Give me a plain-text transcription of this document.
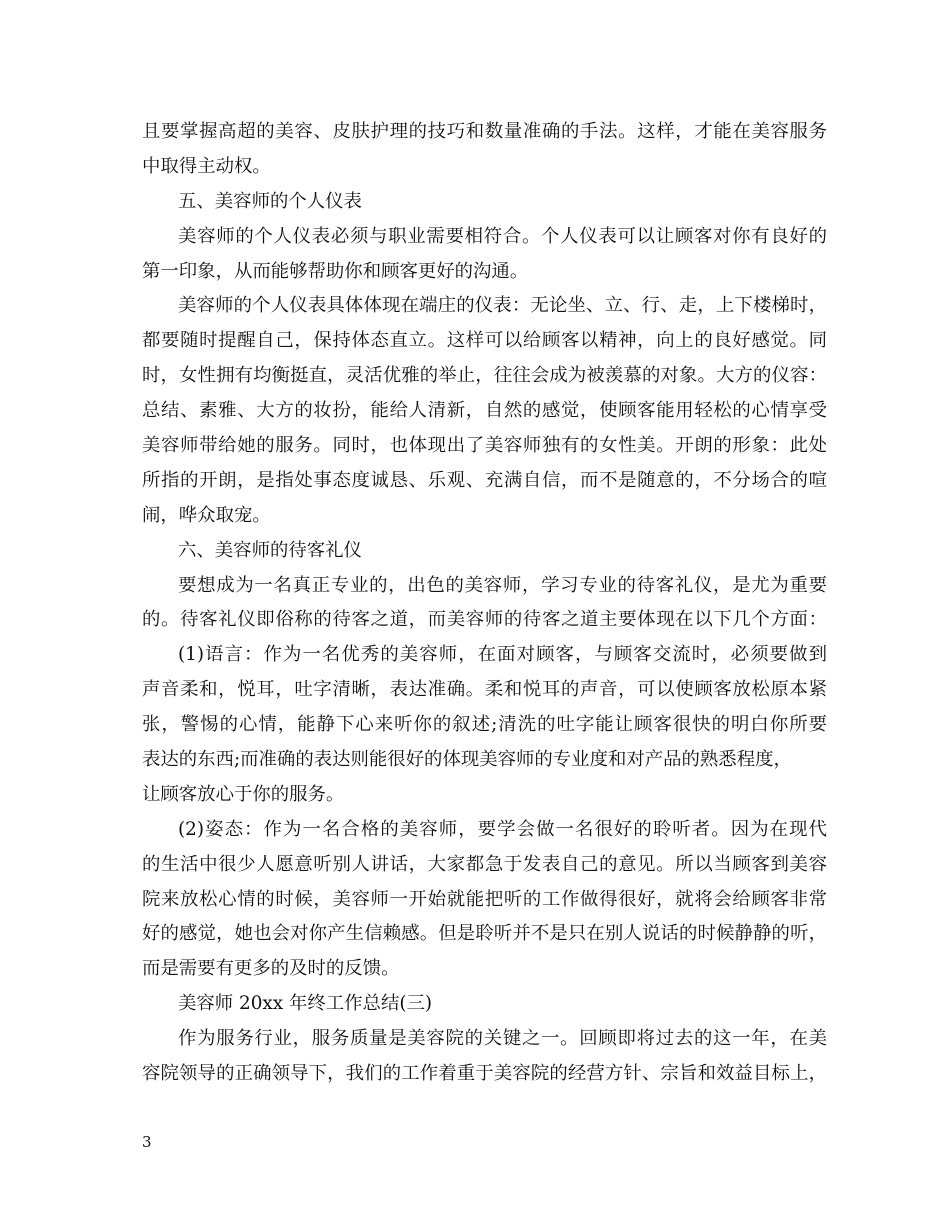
且要掌握高超的美容、皮肤护理的技巧和数量准确的手法。这样，才能在美容服务
中取得主动权。
五、美容师的个人仪表
美容师的个人仪表必须与职业需要相符合。个人仪表可以让顾客对你有良好的
第一印象，从而能够帮助你和顾客更好的沟通。
美容师的个人仪表具体体现在端庄的仪表：无论坐、立、行、走，上下楼梯时，
都要随时提醒自己，保持体态直立。这样可以给顾客以精神，向上的良好感觉。同
时，女性拥有均衡挺直，灵活优雅的举止，往往会成为被羡慕的对象。大方的仪容：
总结、素雅、大方的妆扮，能给人清新，自然的感觉，使顾客能用轻松的心情享受
美容师带给她的服务。同时，也体现出了美容师独有的女性美。开朗的形象：此处
所指的开朗，是指处事态度诚恳、乐观、充满自信，而不是随意的，不分场合的喧
闹，哗众取宠。
六、美容师的待客礼仪
要想成为一名真正专业的，出色的美容师，学习专业的待客礼仪，是尤为重要
的。待客礼仪即俗称的待客之道，而美容师的待客之道主要体现在以下几个方面：
(1)语言：作为一名优秀的美容师，在面对顾客，与顾客交流时，必须要做到
声音柔和，悦耳，吐字清晰，表达准确。柔和悦耳的声音，可以使顾客放松原本紧
张，警惕的心情，能静下心来听你的叙述;清洗的吐字能让顾客很快的明白你所要
表达的东西;而准确的表达则能很好的体现美容师的专业度和对产品的熟悉程度，
让顾客放心于你的服务。
(2)姿态：作为一名合格的美容师，要学会做一名很好的聆听者。因为在现代
的生活中很少人愿意听别人讲话，大家都急于发表自己的意见。所以当顾客到美容
院来放松心情的时候，美容师一开始就能把听的工作做得很好，就将会给顾客非常
好的感觉，她也会对你产生信赖感。但是聆听并不是只在别人说话的时候静静的听，
而是需要有更多的及时的反馈。
美容师 20xx 年终工作总结(三)
作为服务行业，服务质量是美容院的关键之一。回顾即将过去的这一年，在美
容院领导的正确领导下，我们的工作着重于美容院的经营方针、宗旨和效益目标上，
3
